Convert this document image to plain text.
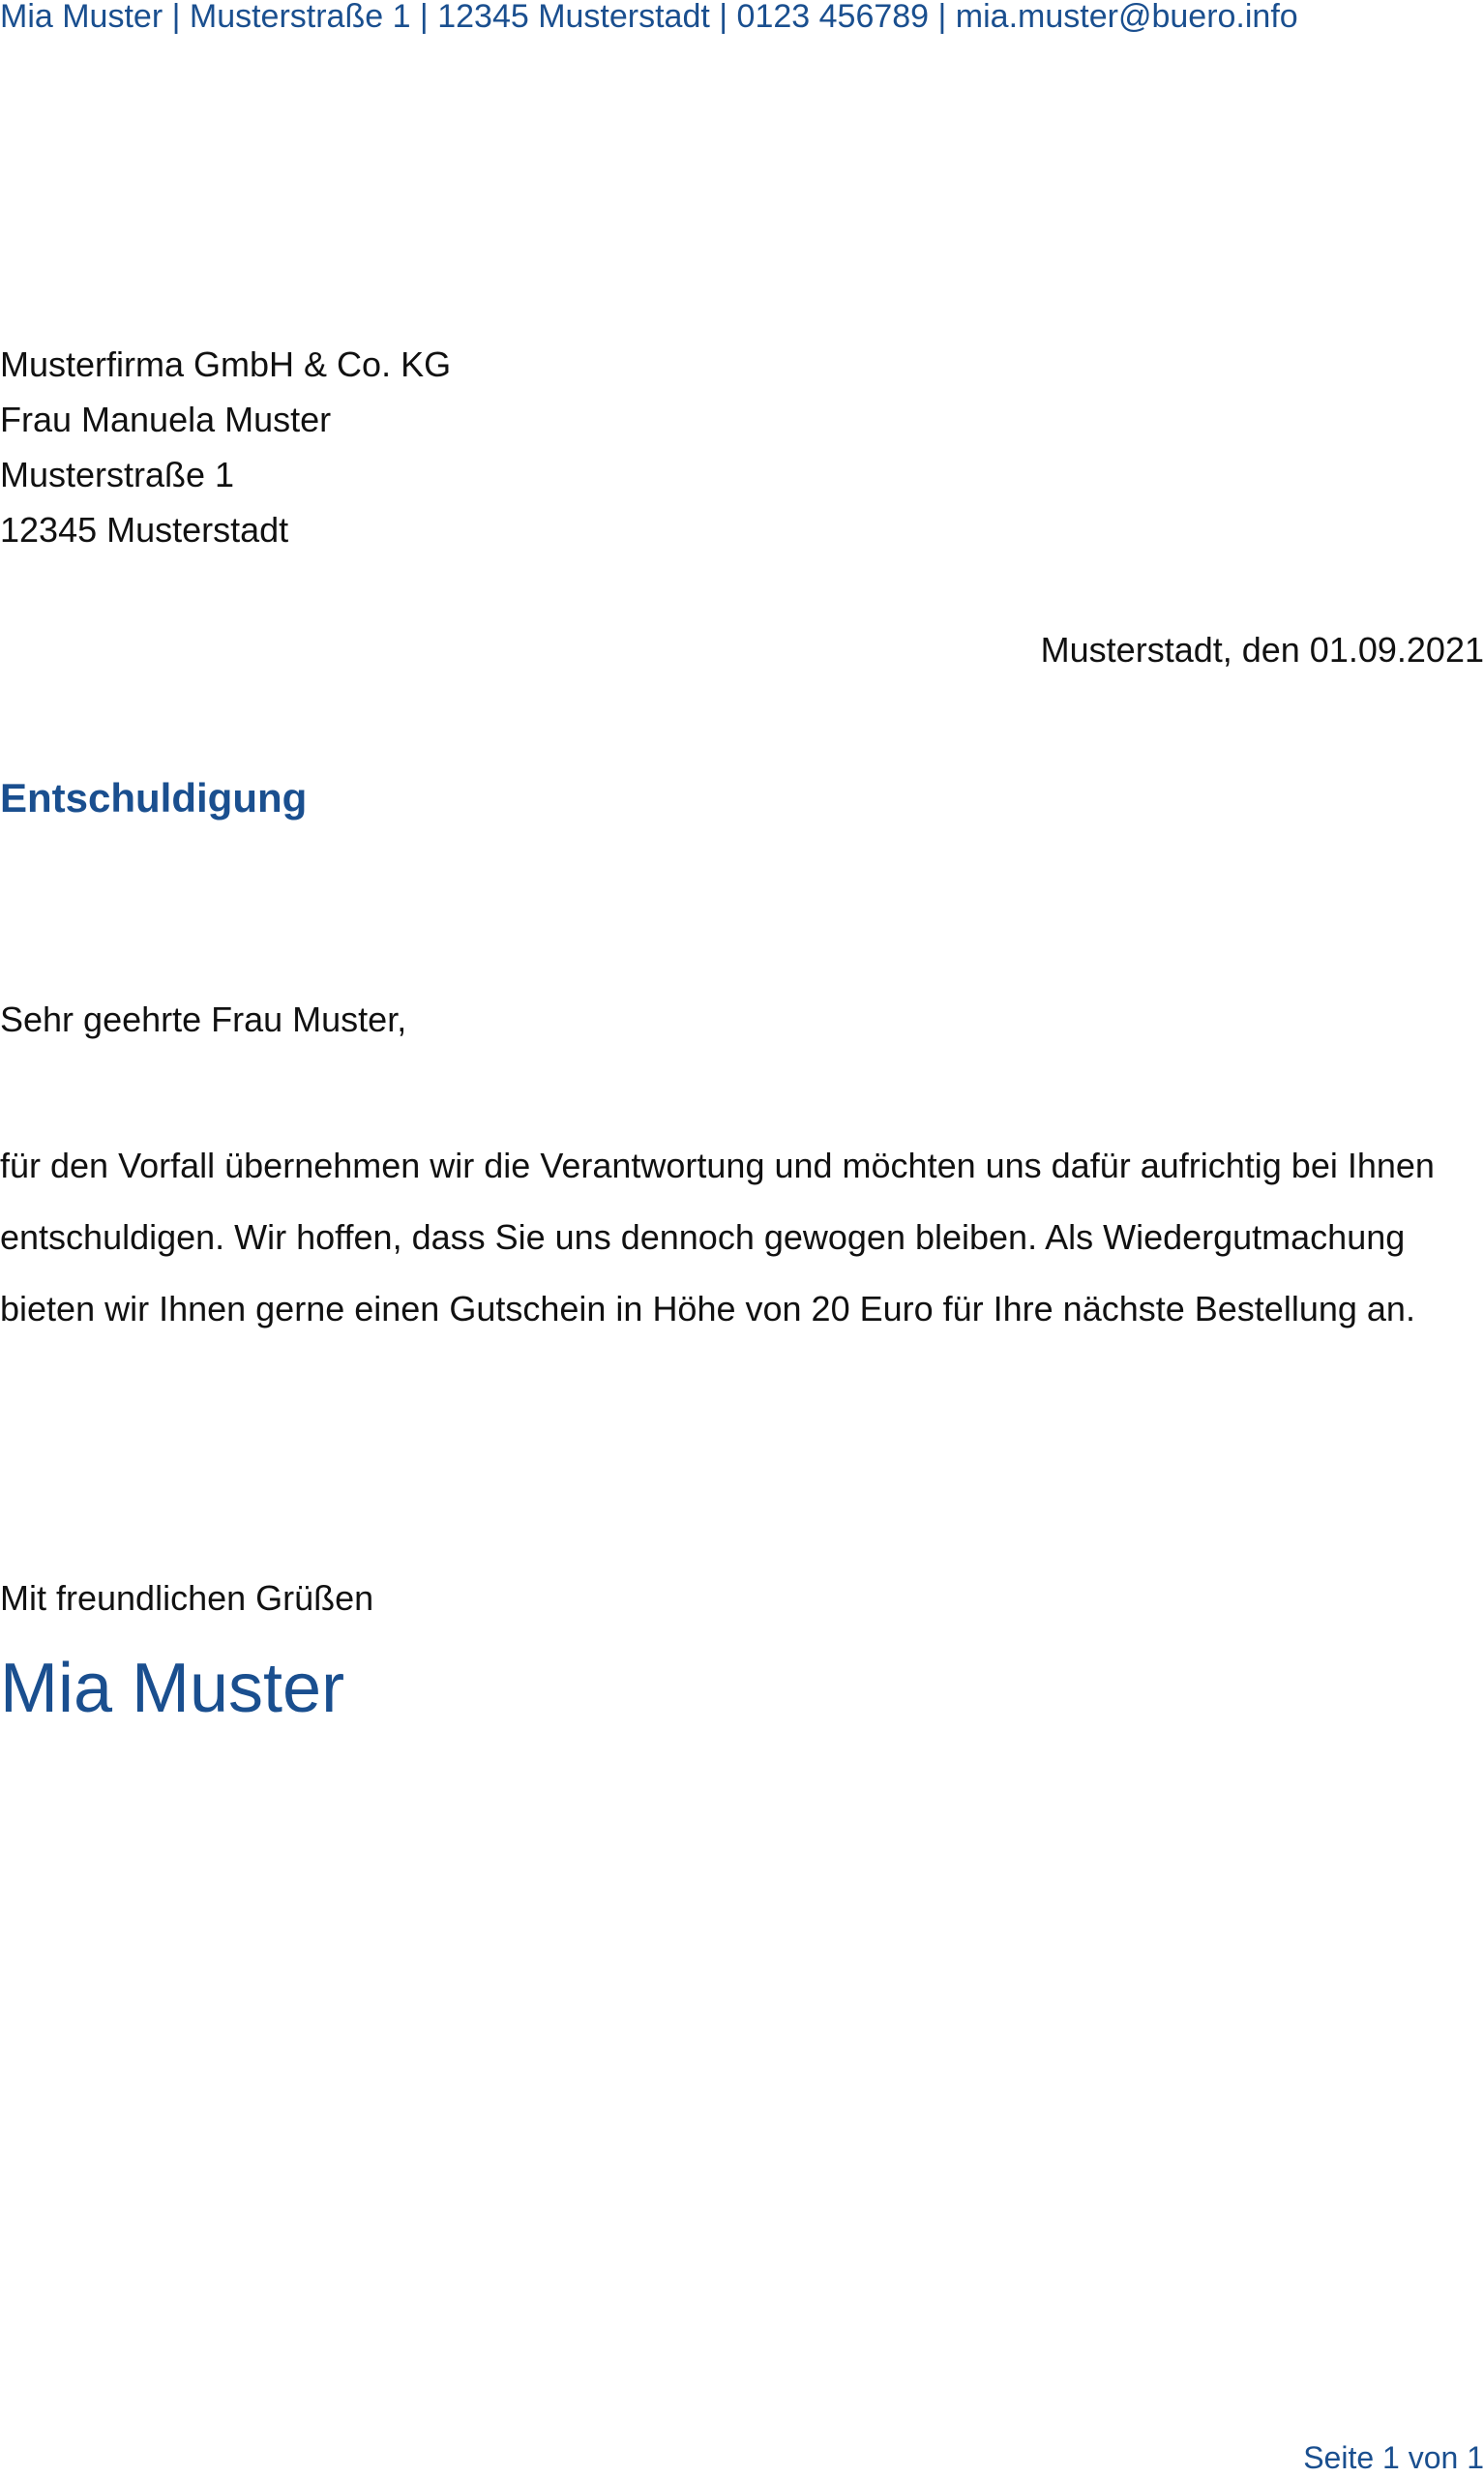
Mia Muster | Musterstraße 1 | 12345 Musterstadt | 0123 456789 | mia.muster@buero.info
Musterfirma GmbH & Co. KG
Frau Manuela Muster
Musterstraße 1
12345 Musterstadt
Musterstadt, den 01.09.2021
Entschuldigung
Sehr geehrte Frau Muster,
für den Vorfall übernehmen wir die Verantwortung und möchten uns dafür aufrichtig bei Ihnen entschuldigen. Wir hoffen, dass Sie uns dennoch gewogen bleiben. Als Wiedergutmachung bieten wir Ihnen gerne einen Gutschein in Höhe von 20 Euro für Ihre nächste Bestellung an.
Mit freundlichen Grüßen
Mia Muster
Seite 1 von 1
